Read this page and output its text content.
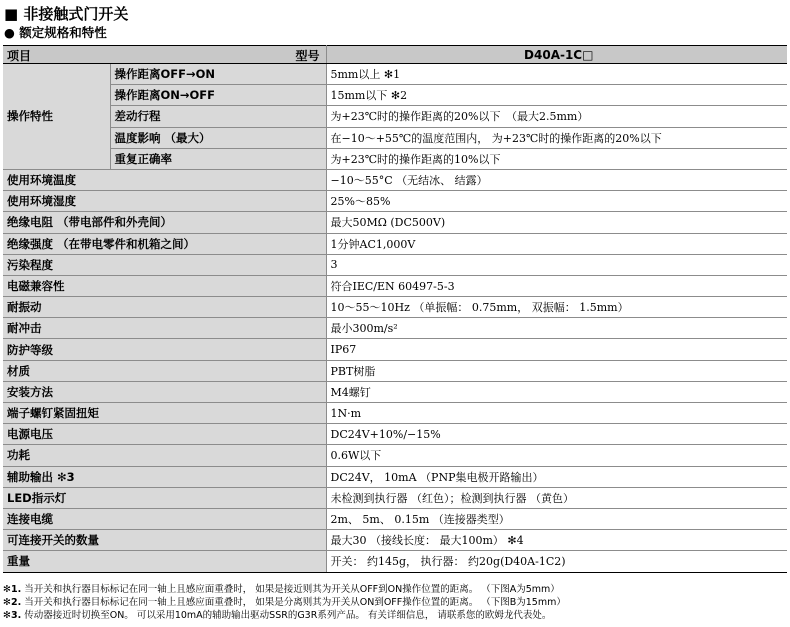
■ 非接触式门开关
● 额定规格和特性
项目 型号		D40A-1C□
操作特性	操作距离OFF→ON	5mm以上 ✻1
	操作距离ON→OFF	15mm以下 ✻2
	差动行程	为+23℃时的操作距离的20%以下　（最大2.5mm）
	温度影响 （最大）	在−10～+55℃的温度范围内， 为+23℃时的操作距离的20%以下
	重复正确率	为+23℃时的操作距离的10%以下
使用环境温度		−10～55°C （无结冰、 结露）
使用环境湿度		25%～85%
绝缘电阻 （带电部件和外壳间）		最大50MΩ (DC500V)
绝缘强度 （在带电零件和机箱之间）		1分钟AC1,000V
污染程度		3
电磁兼容性		符合IEC/EN 60497-5-3
耐振动		10～55～10Hz （单振幅： 0.75mm， 双振幅： 1.5mm）
耐冲击		最小300m/s²
防护等级		IP67
材质		PBT树脂
安装方法		M4螺钉
端子螺钉紧固扭矩		1N·m
电源电压		DC24V+10%/−15%
功耗		0.6W以下
辅助输出 ✻3		DC24V， 10mA （PNP集电极开路输出）
LED指示灯		未检测到执行器 （红色）；检测到执行器 （黄色）
连接电缆		2m、 5m、 0.15m （连接器类型）
可连接开关的数量		最大30 （接线长度： 最大100m） ✻4
重量		开关： 约145g， 执行器： 约20g(D40A-1C2)
✻1. 当开关和执行器目标标记在同一轴上且感应面重叠时， 如果是接近则其为开关从OFF到ON操作位置的距离。 （下图A为5mm）
✻2. 当开关和执行器目标标记在同一轴上且感应面重叠时， 如果是分离则其为开关从ON到OFF操作位置的距离。 （下图B为15mm）
✻3. 传动器接近时切换至ON。 可以采用10mA的辅助输出驱动SSR的G3R系列产品。 有关详细信息， 请联系您的欧姆龙代表处。
